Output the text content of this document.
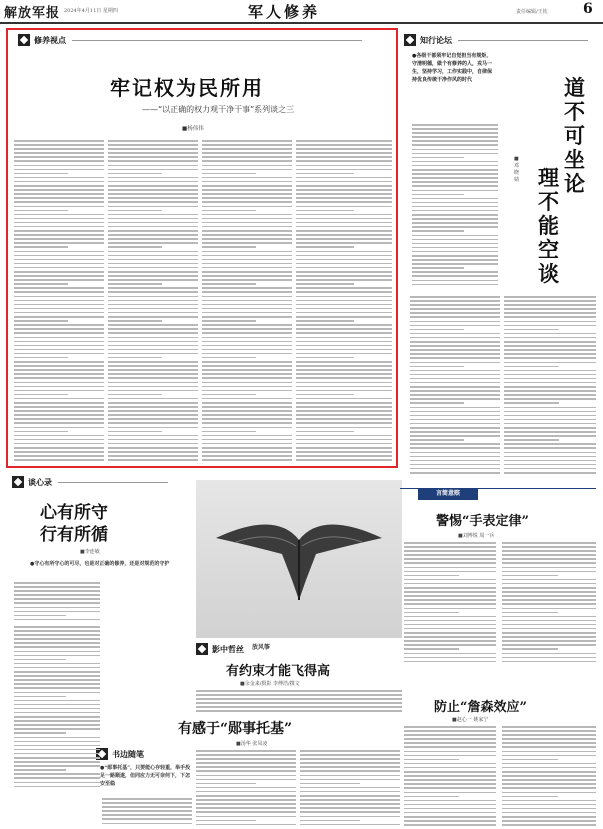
解放军报 2024年4月11日 星期四	军人修养	责任编辑/王钦	6
修养视点
牢记权为民所用
——“以正确的权力观干净干事”系列谈之三
■杨伟伟
知行论坛
●各级干部须牢记自觉担当有规矩、守清明德，做个有修养的人，戎马一生，坚持学习，工作实践中，自律保持优良传统干净作风的时代	道不可坐论
理不能空谈
■邓晓婧
谈心录
心有所守
行有所循
■李连敏
●守心有所守心的可尽，也是对正确的修养，还是对规范的守护
影中哲丝 放风筝
有约束才能飞得高
■余金来/摄影 李傅浩/撰文
有感于“郧事托基”
■汤华 张凤凌
书边随笔
●“郧事托基”，只要能心存轻重，举手投足一路顺遂，但同应力无可奈何下，下怎安至稳
言简意赅
警惕“手表定律”
■刘博锐 周一兵
防止“詹森效应”
■赵心一 姚家宁
